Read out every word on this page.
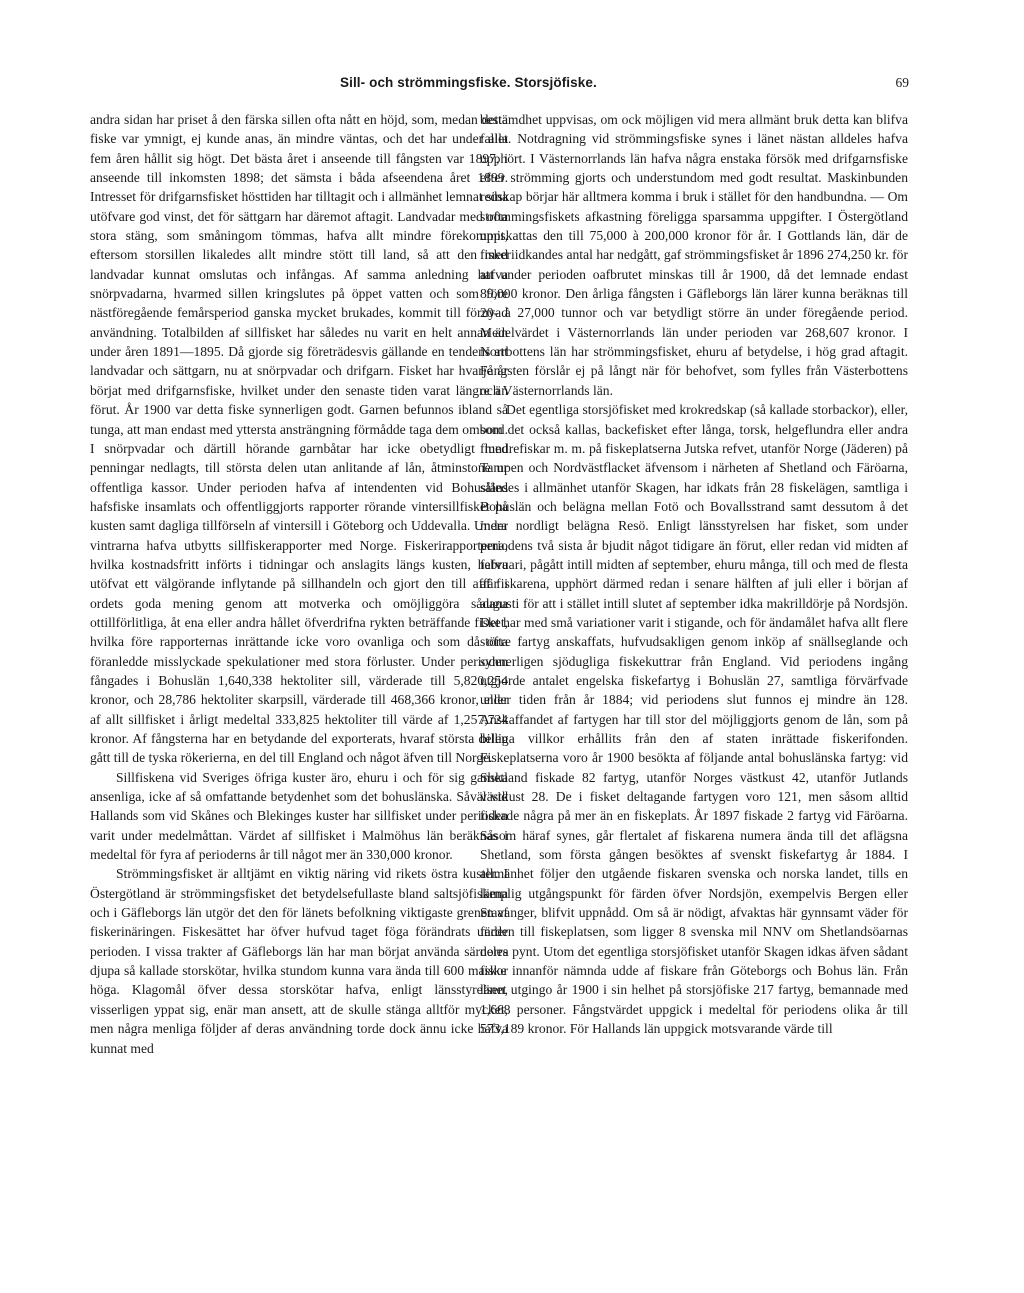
Sill- och strömmingsfiske. Storsjöfiske.	69

andra sidan har priset å den färska sillen ofta nått en höjd, som, medan detta fiske var ymnigt, ej kunde anas, än mindre väntas, och det har under alla fem åren hållit sig högt. Det bästa året i anseende till fångsten var 1897, i anseende till inkomsten 1898; det sämsta i båda afseendena året 1899. Intresset för drifgarnsfisket hösttiden har tilltagit och i allmänhet lemnat sina utöfvare god vinst, det för sättgarn har däremot aftagit. Landvadar med ofta stora stäng, som småningom tömmas, hafva allt mindre förekommit, eftersom storsillen likaledes allt mindre stött till land, så att den med landvadar kunnat omslutas och infångas. Af samma anledning hafva snörpvadarna, hvarmed sillen kringslutes på öppet vatten och som före nästföregående femårsperiod ganska mycket brukades, kommit till förnyad användning. Totalbilden af sillfisket har således nu varit en helt annan än under åren 1891—1895. Då gjorde sig företrädesvis gällande en tendens att landvadar och sättgarn, nu at snörpvadar och drifgarn. Fisket har hvarje år börjat med drifgarnsfiske, hvilket under den senaste tiden varat längre än förut. År 1900 var detta fiske synnerligen godt. Garnen befunnos ibland så tunga, att man endast med yttersta ansträngning förmådde taga dem ombord. I snörpvadar och därtill hörande garnbåtar har icke obetydligt med penningar nedlagts, till största delen utan anlitande af lån, åtminstone ur offentliga kassor. Under perioden hafva af intendenten vid Bohusläns hafsfiske insamlats och offentliggjorts rapporter rörande vintersillfisket på kusten samt dagliga tillförseln af vintersill i Göteborg och Uddevalla. Under vintrarna hafva utbytts sillfiskerapporter med Norge. Fiskerirapporterna, hvilka kostnadsfritt införts i tidningar och anslagits längs kusten, hafva utöfvat ett välgörande inflytande på sillhandeln och gjort den till affär i ordets goda mening genom att motverka och omöjliggöra sådana ottillförlitliga, åt ena eller andra hållet öfverdrifna rykten beträffande fisket, hvilka före rapporternas inrättande icke voro ovanliga och som då ofta föranledde misslyckade spekulationer med stora förluster. Under perioden fångades i Bohuslän 1,640,338 hektoliter sill, värderade till 5,820,254 kronor, och 28,786 hektoliter skarpsill, värderade till 468,366 kronor, eller af allt sillfisket i årligt medeltal 333,825 hektoliter till värde af 1,257,724 kronor. Af fångsterna har en betydande del exporterats, hvaraf största delen gått till de tyska rökerierna, en del till England och något äfven till Norge.

Sillfiskena vid Sveriges öfriga kuster äro, ehuru i och för sig ganska ansenliga, icke af så omfattande betydenhet som det bohuslänska. Såväl vid Hallands som vid Skånes och Blekinges kuster har sillfisket under perioden varit under medelmåttan. Värdet af sillfisket i Malmöhus län beräknas i medeltal för fyra af perioderns år till något mer än 330,000 kronor.

Strömmingsfisket är alltjämt en viktig näring vid rikets östra kuster. I Östergötland är strömmingsfisket det betydelsefullaste bland saltsjöfiskena och i Gäfleborgs län utgör det den för länets befolkning viktigaste grenen af fiskerinäringen. Fiskesättet har öfver hufvud taget föga förändrats under perioden. I vissa trakter af Gäfleborgs län har man börjat använda särdeles djupa så kallade storskötar, hvilka stundom kunna vara ända till 600 maskor höga. Klagomål öfver dessa storskötar hafva, enligt länsstyrelsen, visserligen yppat sig, enär man ansett, att de skulle stänga alltför mycket, men några menliga följder af deras användning torde dock ännu icke hafva kunnat med

bestämdhet uppvisas, om ock möjligen vid mera allmänt bruk detta kan blifva fallet. Notdragning vid strömmingsfiske synes i länet nästan alldeles hafva upphört. I Västernorrlands län hafva några enstaka försök med drifgarnsfiske efter strömming gjorts och understundom med godt resultat. Maskinbunden redskap börjar här alltmera komma i bruk i stället för den handbundna. — Om strömmingsfiskets afkastning föreligga sparsamma uppgifter. I Östergötland uppskattas den till 75,000 à 200,000 kronor för år. I Gottlands län, där de fiskeriidkandes antal har nedgått, gaf strömmingsfisket år 1896 274,250 kr. för att under perioden oafbrutet minskas till år 1900, då det lemnade endast 89,000 kronor. Den årliga fångsten i Gäfleborgs län lärer kunna beräknas till 20- à 27,000 tunnor och var betydligt större än under föregående period. Medelvärdet i Västernorrlands län under perioden var 268,607 kronor. I Norrbottens län har strömmingsfisket, ehuru af betydelse, i hög grad aftagit. Fångsten förslår ej på långt när för behofvet, som fylles från Västerbottens och Västernorrlands län.

Det egentliga storsjöfisket med krokredskap (så kallade storbackor), eller, som det också kallas, backefisket efter långa, torsk, helgeflundra eller andra flundrefiskar m. m. på fiskeplatserna Jutska refvet, utanför Norge (Jäderen) på Tampen och Nordvästflacket äfvensom i närheten af Shetland och Färöarna, således i allmänhet utanför Skagen, har idkats från 28 fiskelägen, samtliga i Bohuslän och belägna mellan Fotö och Bovallsstrand samt dessutom å det mera nordligt belägna Resö. Enligt länsstyrelsen har fisket, som under periodens två sista år bjudit något tidigare än förut, eller redan vid midten af februari, pågått intill midten af september, ehuru många, till och med de flesta af fiskarena, upphört därmed redan i senare hälften af juli eller i början af augusti för att i stället intill slutet af september idka makrilldörje på Nordsjön. Det har med små variationer varit i stigande, och för ändamålet hafva allt flere större fartyg anskaffats, hufvudsakligen genom inköp af snällseglande och synnerligen sjödugliga fiskekuttrar från England. Vid periodens ingång utgjorde antalet engelska fiskefartyg i Bohuslän 27, samtliga förvärfvade under tiden från år 1884; vid periodens slut funnos ej mindre än 128. Anskaffandet af fartygen har till stor del möjliggjorts genom de lån, som på billiga villkor erhållits från den af staten inrättade fiskerifonden. Fiskeplatserna voro år 1900 besökta af följande antal bohuslänska fartyg: vid Shetland fiskade 82 fartyg, utanför Norges västkust 42, utanför Jutlands västkust 28. De i fisket deltagande fartygen voro 121, men såsom alltid fiskade några på mer än en fiskeplats. År 1897 fiskade 2 fartyg vid Färöarna. Såsom häraf synes, går flertalet af fiskarena numera ända till det aflägsna Shetland, som första gången besöktes af svenskt fiskefartyg år 1884. I allmänhet följer den utgående fiskaren svenska och norska landet, tills en lämplig utgångspunkt för färden öfver Nordsjön, exempelvis Bergen eller Stavanger, blifvit uppnådd. Om så är nödigt, afvaktas här gynnsamt väder för färden till fiskeplatsen, som ligger 8 svenska mil NNV om Shetlandsöarnas norra pynt. Utom det egentliga storsjöfisket utanför Skagen idkas äfven sådant fiske innanför nämnda udde af fiskare från Göteborgs och Bohus län. Från länet utgingo år 1900 i sin helhet på storsjöfiske 217 fartyg, bemannade med 1,668 personer. Fångstvärdet uppgick i medeltal för periodens olika år till 573,189 kronor. För Hallands län uppgick motsvarande värde till
